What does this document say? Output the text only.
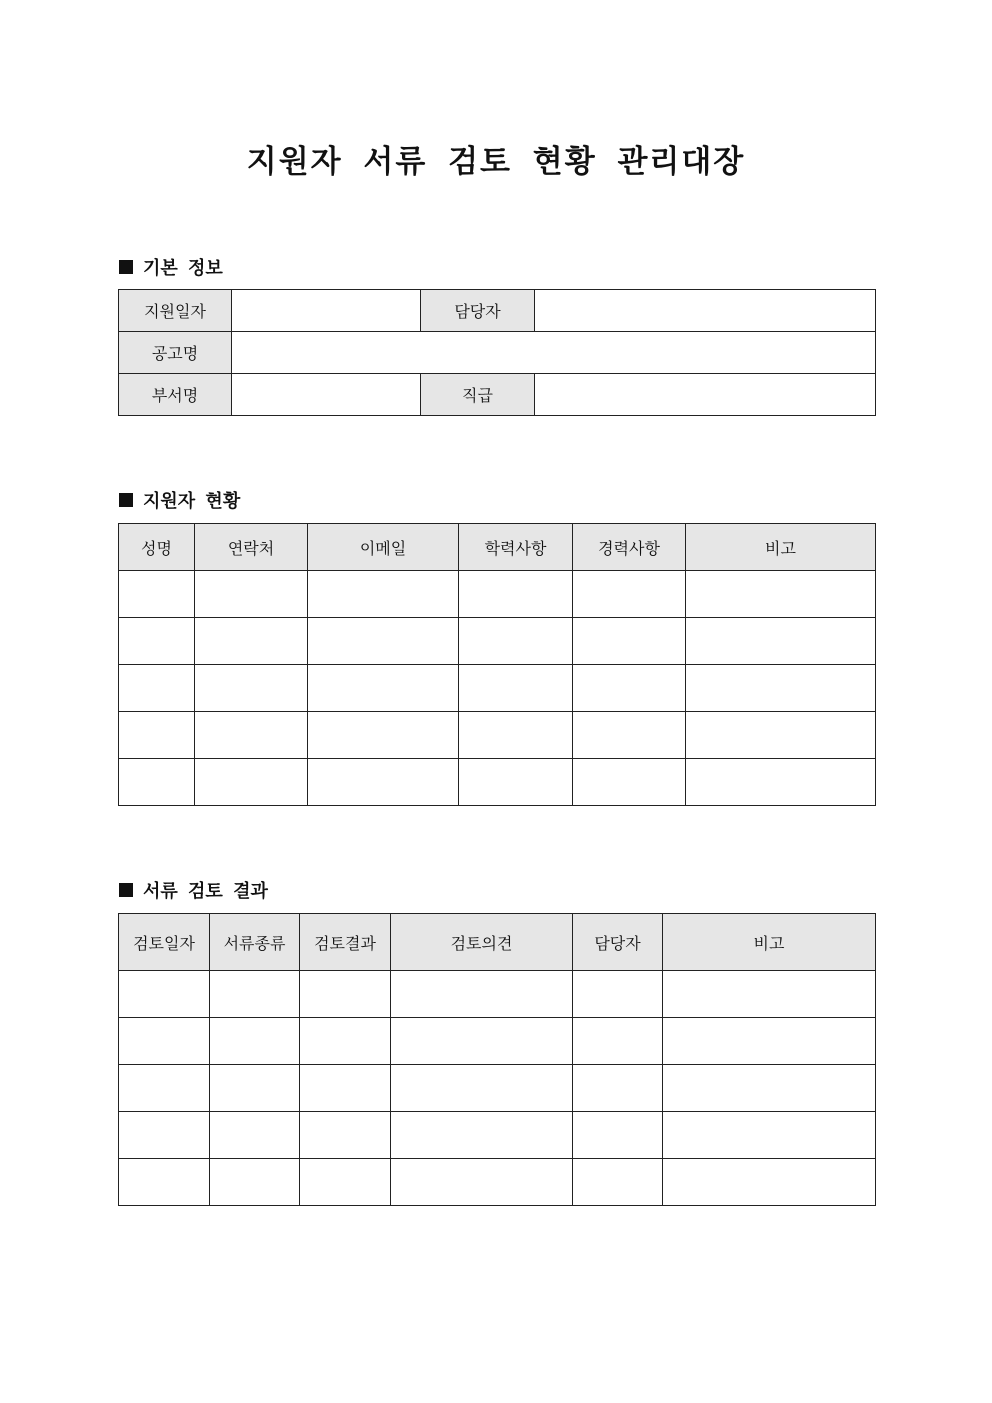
지원자 서류 검토 현황 관리대장
기본 정보
지원일자		담당자	
공고명			
부서명		직급	
지원자 현황
성명	연락처	이메일	학력사항	경력사항	비고

서류 검토 결과
검토일자	서류종류	검토결과	검토의견	담당자	비고
